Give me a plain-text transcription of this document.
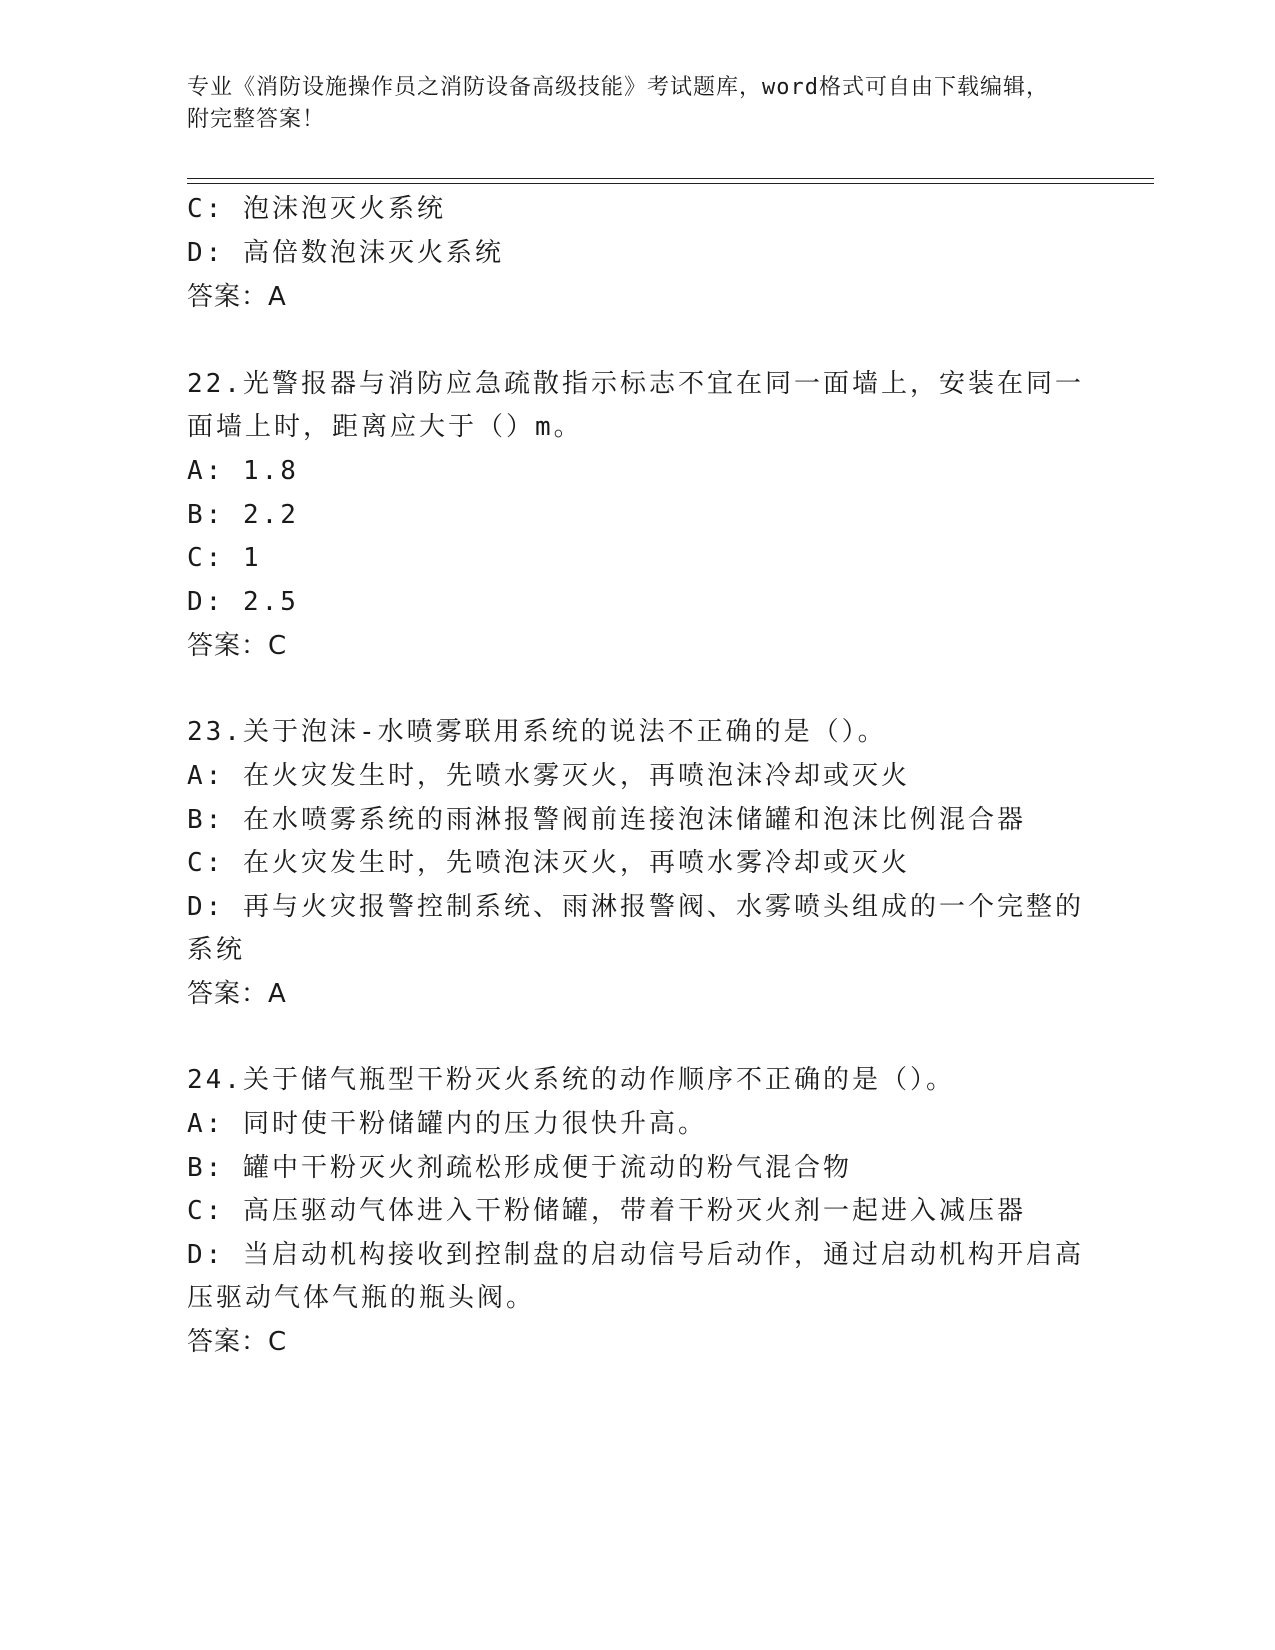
专业《消防设施操作员之消防设备高级技能》考试题库，word格式可自由下载编辑，附完整答案！
C: 泡沫泡灭火系统
D: 高倍数泡沫灭火系统
答案：A
22.光警报器与消防应急疏散指示标志不宜在同一面墙上，安装在同一
面墙上时，距离应大于（）m。
A: 1.8
B: 2.2
C: 1
D: 2.5
答案：C
23.关于泡沫-水喷雾联用系统的说法不正确的是（）。
A: 在火灾发生时，先喷水雾灭火，再喷泡沫冷却或灭火
B: 在水喷雾系统的雨淋报警阀前连接泡沫储罐和泡沫比例混合器
C: 在火灾发生时，先喷泡沫灭火，再喷水雾冷却或灭火
D: 再与火灾报警控制系统、雨淋报警阀、水雾喷头组成的一个完整的
系统
答案：A
24.关于储气瓶型干粉灭火系统的动作顺序不正确的是（）。
A: 同时使干粉储罐内的压力很快升高。
B: 罐中干粉灭火剂疏松形成便于流动的粉气混合物
C: 高压驱动气体进入干粉储罐，带着干粉灭火剂一起进入减压器
D: 当启动机构接收到控制盘的启动信号后动作，通过启动机构开启高
压驱动气体气瓶的瓶头阀。
答案：C
